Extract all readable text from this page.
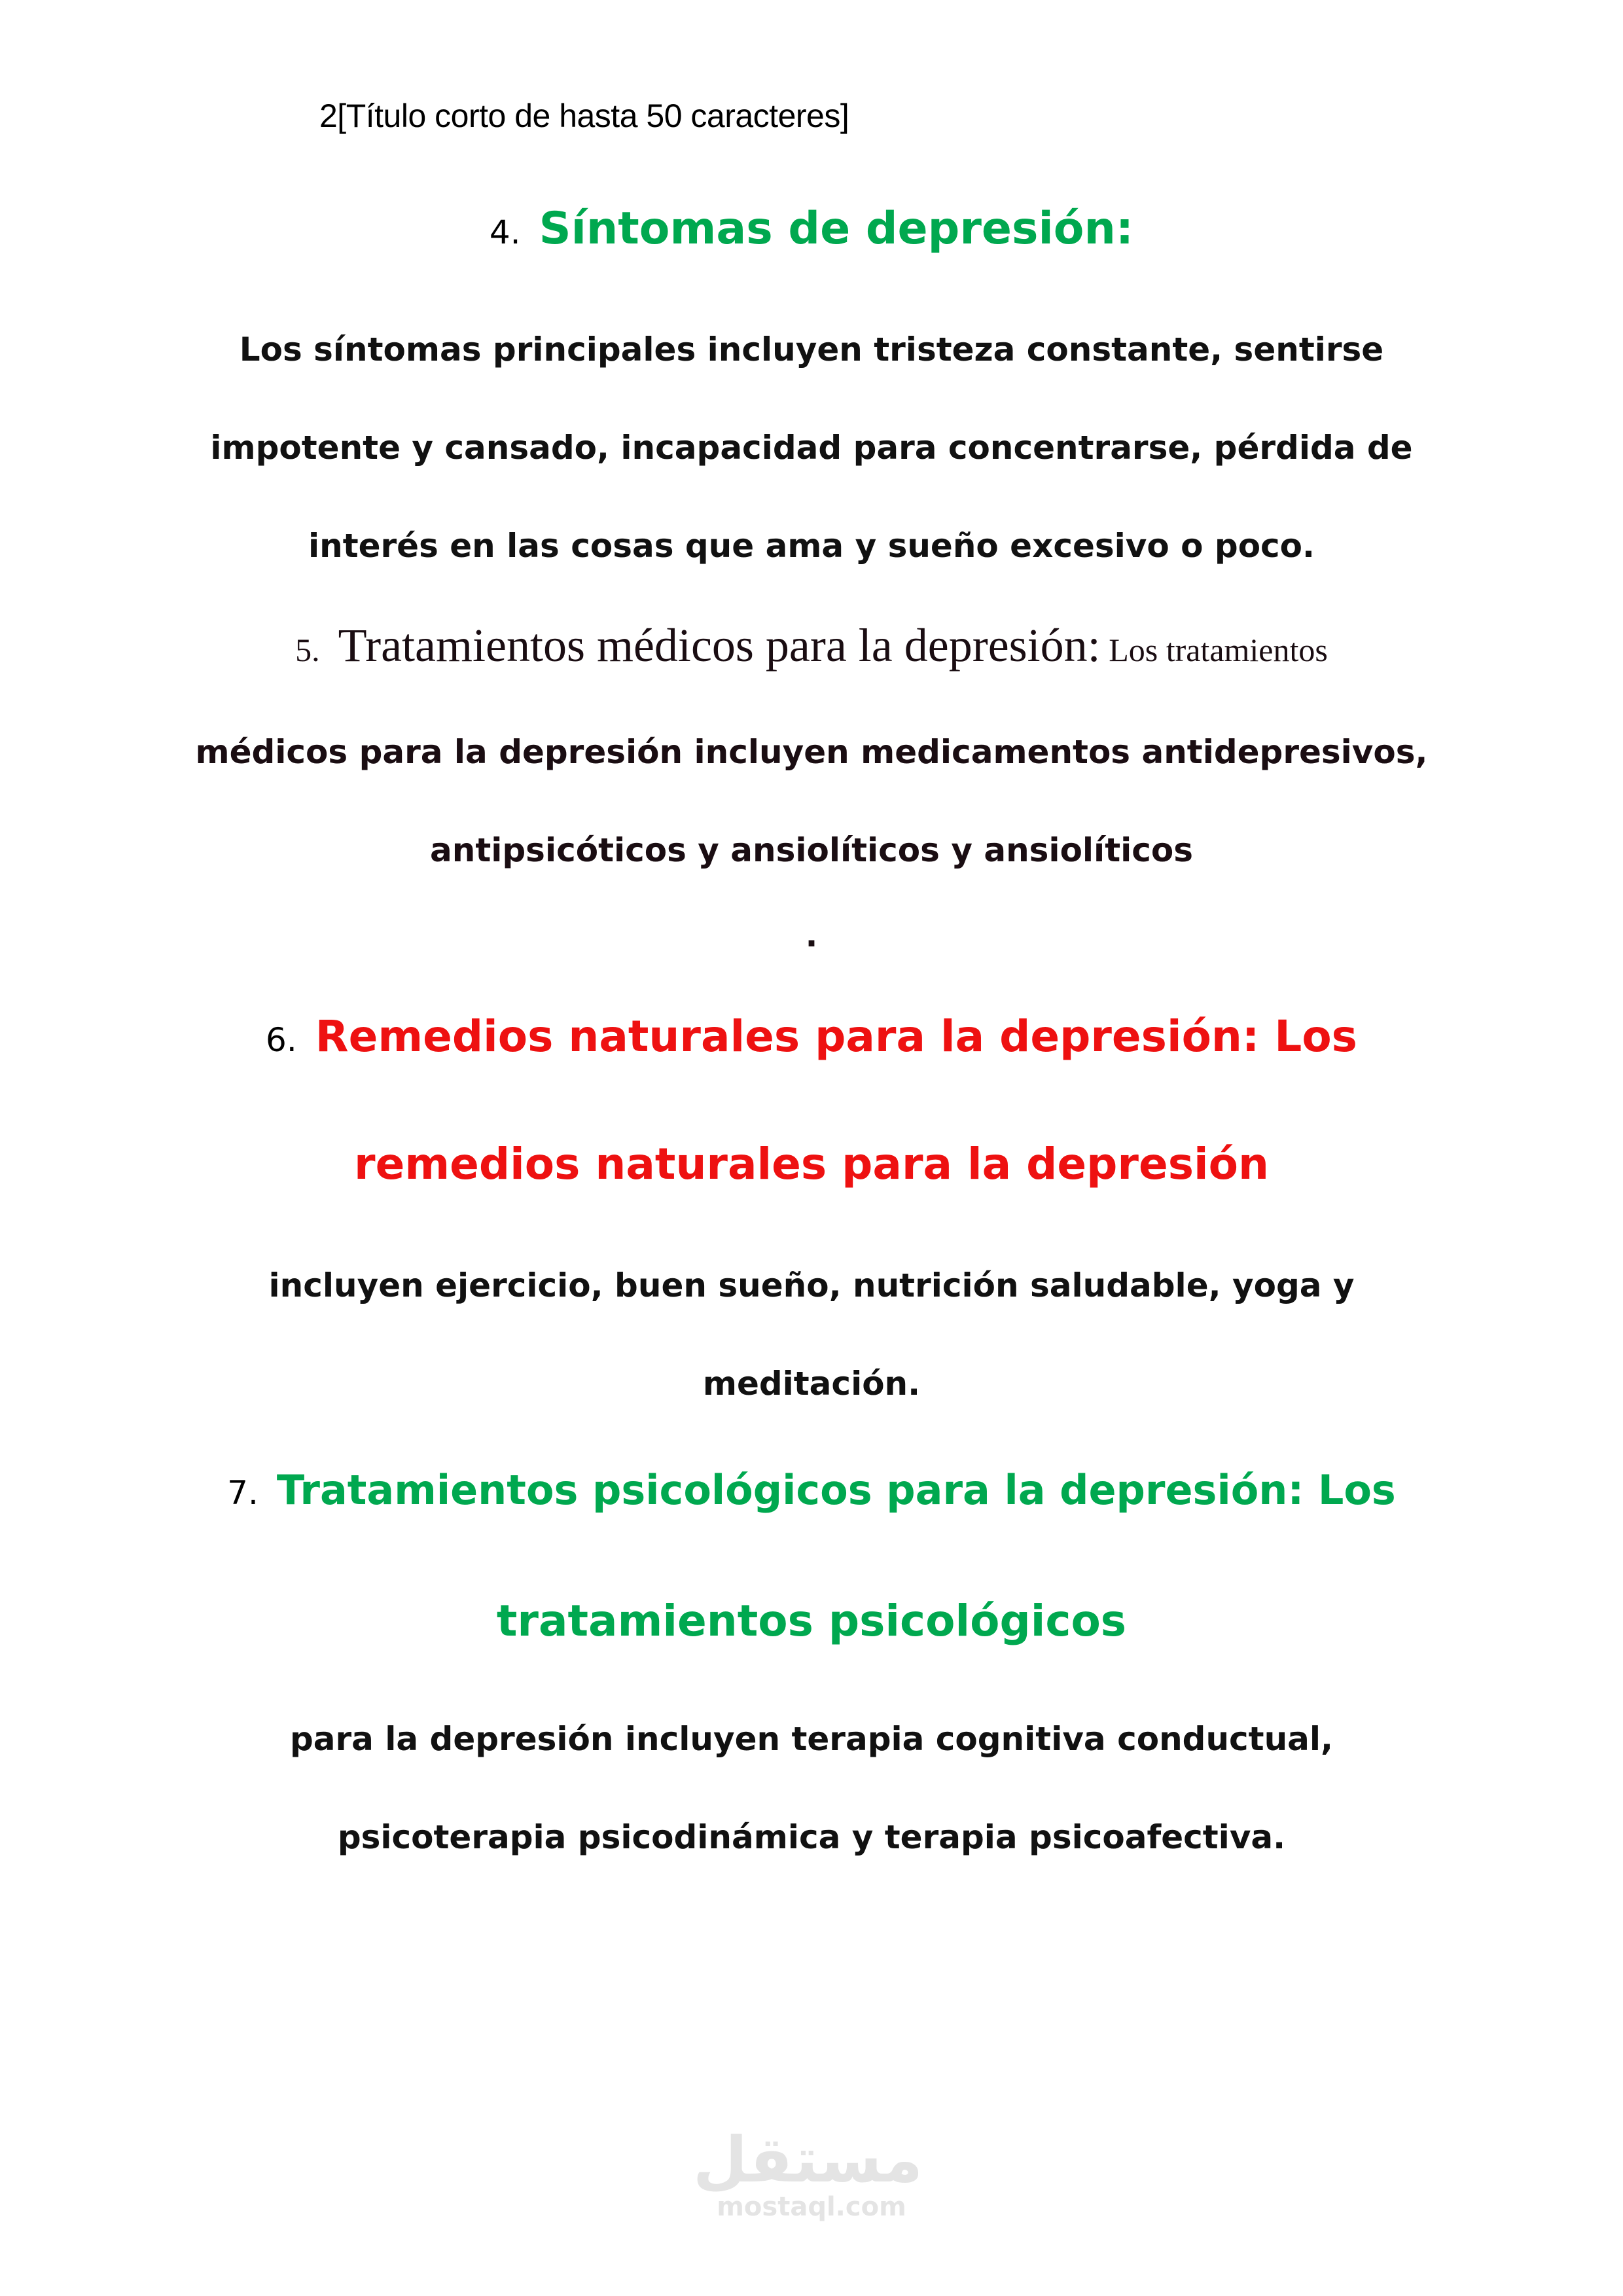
2[Título corto de hasta 50 caracteres]
4. Síntomas de depresión:
Los síntomas principales incluyen tristeza constante, sentirse
impotente y cansado, incapacidad para concentrarse, pérdida de
interés en las cosas que ama y sueño excesivo o poco.
5. Tratamientos médicos para la depresión: Los tratamientos
médicos para la depresión incluyen medicamentos antidepresivos,
antipsicóticos y ansiolíticos y ansiolíticos
.
6. Remedios naturales para la depresión: Los
remedios naturales para la depresión
incluyen ejercicio, buen sueño, nutrición saludable, yoga y
meditación.
7. Tratamientos psicológicos para la depresión: Los
tratamientos psicológicos
para la depresión incluyen terapia cognitiva conductual,
psicoterapia psicodinámica y terapia psicoafectiva.
مستقل
mostaql.com
